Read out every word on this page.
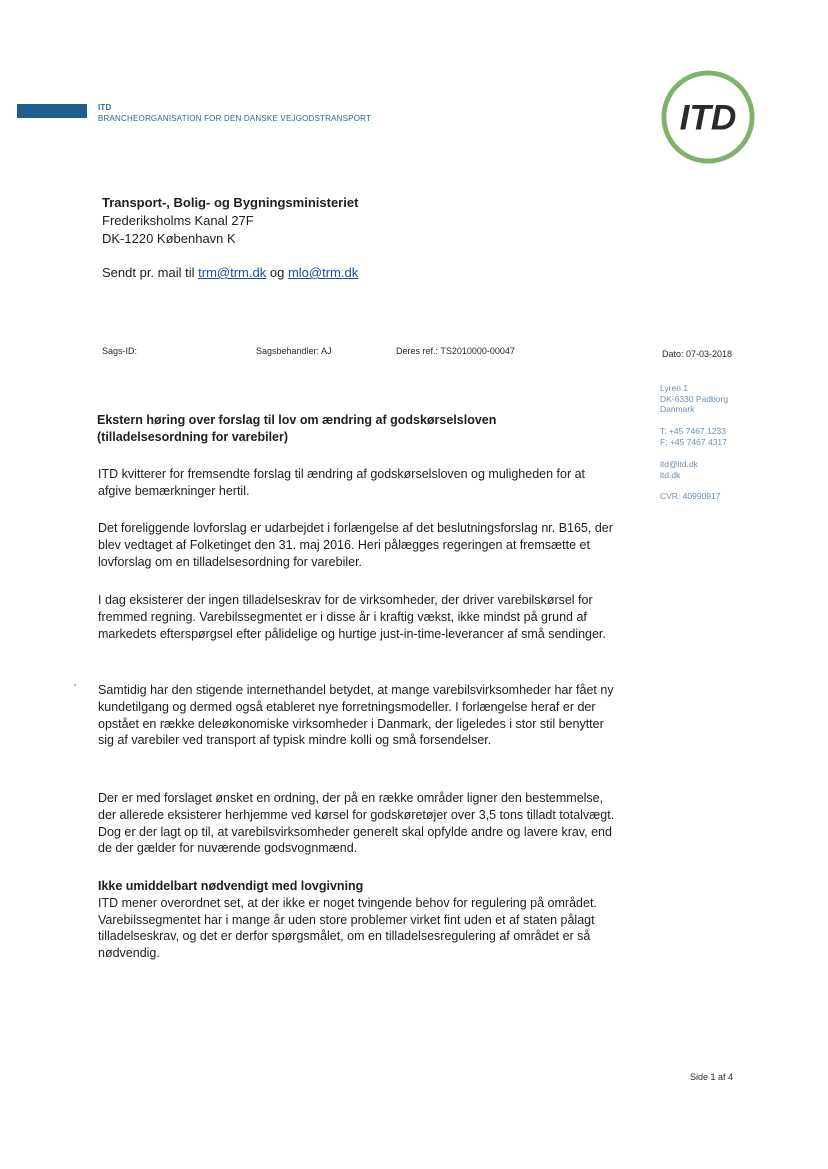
ITD
BRANCHEORGANISATION FOR DEN DANSKE VEJGODSTRANSPORT	ITD
Transport-, Bolig- og Bygningsministeriet
Frederiksholms Kanal 27F
DK-1220 København K
Sendt pr. mail til trm@trm.dk og mlo@trm.dk
Sags-ID:	Sagsbehandler: AJ	Deres ref.: TS2010000-00047	Dato: 07-03-2018
Lyren 1
DK-6330 Padborg
Danmark
T: +45 7467 1233
F: +45 7467 4317
itd@itd.dk
itd.dk
CVR: 40990917
Ekstern høring over forslag til lov om ændring af godskørselsloven
(tilladelsesordning for varebiler)

ITD kvitterer for fremsendte forslag til ændring af godskørselsloven og muligheden for at afgive bemærkninger hertil.

Det foreliggende lovforslag er udarbejdet i forlængelse af det beslutningsforslag nr. B165, der blev vedtaget af Folketinget den 31. maj 2016. Heri pålægges regeringen at fremsætte et lovforslag om en tilladelsesordning for varebiler.

I dag eksisterer der ingen tilladelseskrav for de virksomheder, der driver varebilskørsel for fremmed regning. Varebilssegmentet er i disse år i kraftig vækst, ikke mindst på grund af markedets efterspørgsel efter pålidelige og hurtige just-in-time-leverancer af små sendinger.

Samtidig har den stigende internethandel betydet, at mange varebilsvirksomheder har fået ny kundetilgang og dermed også etableret nye forretningsmodeller. I forlængelse heraf er der opstået en række deleøkonomiske virksomheder i Danmark, der ligeledes i stor stil benytter sig af varebiler ved transport af typisk mindre kolli og små forsendelser.

Der er med forslaget ønsket en ordning, der på en række områder ligner den bestemmelse, der allerede eksisterer herhjemme ved kørsel for godskøretøjer over 3,5 tons tilladt totalvægt. Dog er der lagt op til, at varebilsvirksomheder generelt skal opfylde andre og lavere krav, end de der gælder for nuværende godsvognmænd.

Ikke umiddelbart nødvendigt med lovgivning

ITD mener overordnet set, at der ikke er noget tvingende behov for regulering på området. Varebilssegmentet har i mange år uden store problemer virket fint uden et af staten pålagt tilladelseskrav, og det er derfor spørgsmålet, om en tilladelsesregulering af området er så nødvendig.

Side 1 af 4
